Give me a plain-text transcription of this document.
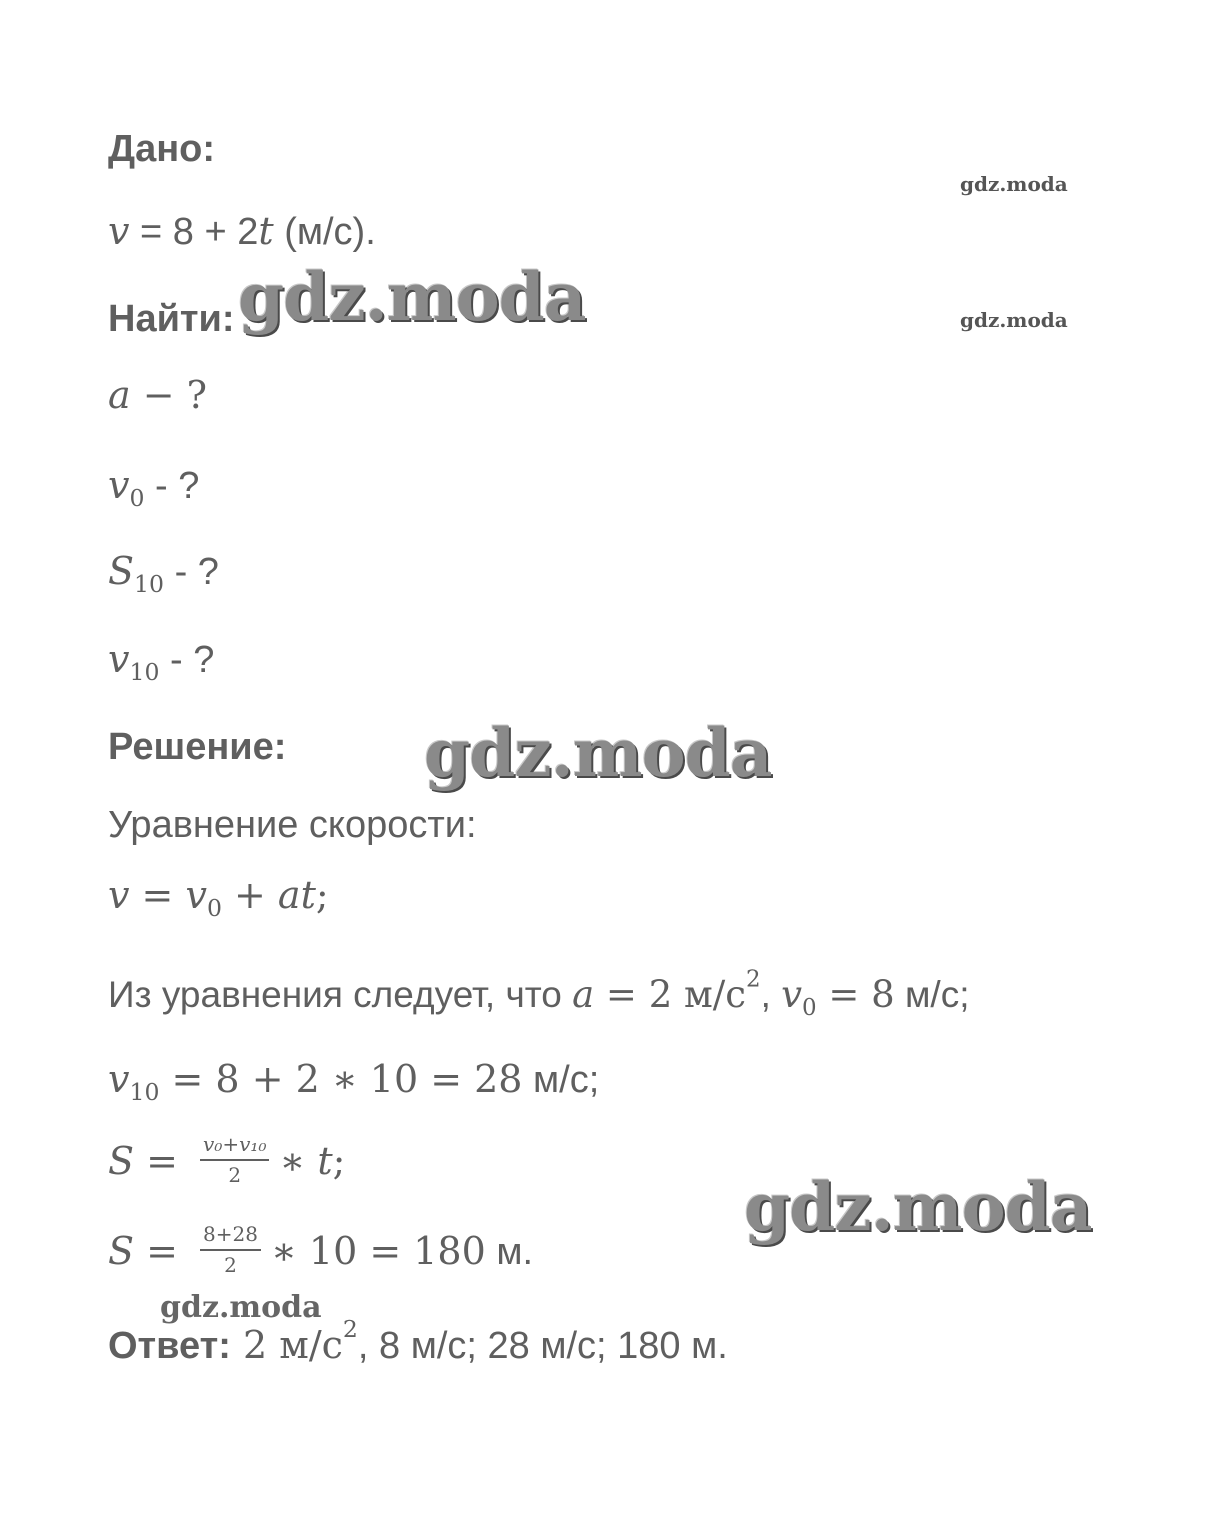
Дано:
v = 8 + 2t (м/с).
Найти:
a − ?
$v_0$ - ?
$S_{10}$ - ?
$v_{10}$ - ?
Решение:
Уравнение скорости:
$v = v_0$ + at;
Из уравнения следует, что a = 2 $м/с^2$, $v_0 = 8$ м/с;
$v_{10} = 8 + 2$ ∗ 10 = 28 м/с;
$S = \frac{\text{v₀+v₁₀}}{2}$ ∗ t;
$S = \frac{8+28}{2}$ ∗ 10 = 180 м.
Ответ: 2 $м/с^2$, 8 м/с; 28 м/с; 180 м.
gdz.moda
gdz.moda	gdz.moda
gdz.moda
gdz.moda
gdz.moda
